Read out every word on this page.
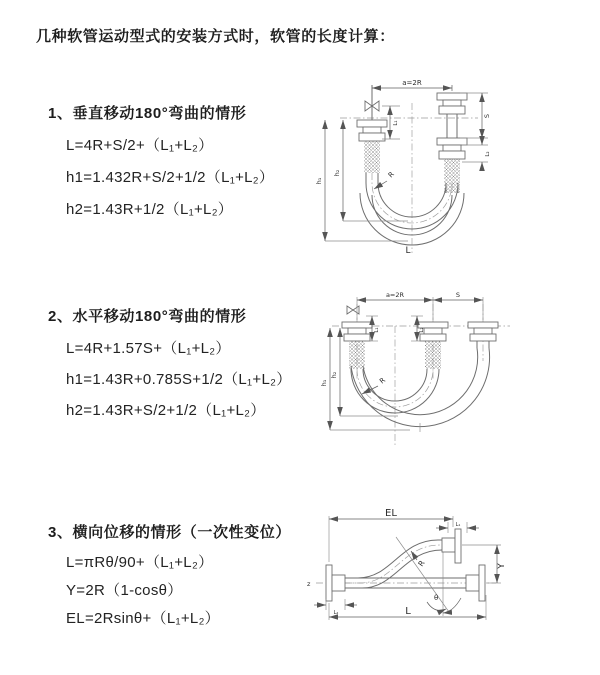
几种软管运动型式的安装方式时，软管的长度计算：
1、垂直移动180°弯曲的情形
L=4R+S/2+（L₁+L₂）
h1=1.432R+S/2+1/2（L₁+L₂）
h2=1.43R+1/2（L₁+L₂）
2、水平移动180°弯曲的情形
L=4R+1.57S+（L₁+L₂）
h1=1.43R+0.785S+1/2（L₁+L₂）
h2=1.43R+S/2+1/2（L₁+L₂）
3、横向位移的情形（一次性变位）
L=πRθ/90+（L₁+L₂）
Y=2R（1-cosθ）
EL=2Rsinθ+（L₁+L₂）
a=2R
L₁
S
L₂
h₁
h₂	R
L
a=2R	S
L₁	L₂
h₁
h₂
R
z
θ
EL
L₁
Y
L₂	L
R
